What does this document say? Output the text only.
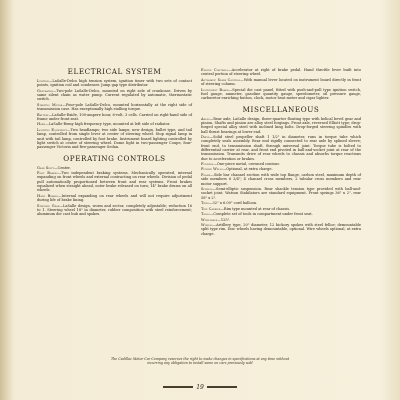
ELECTRICAL SYSTEM
Ignition—LaSalle-Delco high tension system, ignition timer with two sets of contact points, ignition coil and condenser. Jump gap type distributor.
Generator—Two-pole LaSalle-Delco, mounted on right side of crankcase. Driven by same silent chain as water pump. Current regulated by automatic, thermostatic switch.
Starting Motor—Four-pole LaSalle-Delco, mounted horizontally at the right side of transmission case. Has exceptionally high stalling torque.
Battery—LaSalle-Exide, 100-ampere hour, 6-volt, 3 cells. Carried on right-hand side of frame under front seat.
Horn—LaSalle-Remy high frequency type, mounted at left side of radiator.
Lighting Equipment—Two headlamps; two side lamps; new design, bullet type, and tail lamp, controlled from single lever at center of steering wheel. Stop signal lamp in unit with tail lamp, controlled by foot brake. Instrument board lighting controlled by light switch at center of steering wheel. Dome light in two-passenger Coupe, four-passenger Victoria and five-passenger Sedan.
OPERATING CONTROLS
Gear Shift—Center.
Foot Brakes—Two independent braking systems. Mechanically operated, internal expanding on front wheels and external contracting on rear wheels. Division of pedal pull automatically proportioned between front and rear systems. Front brakes equalized when straight ahead, outer brake released on turn; 14" brake drums on all wheels.
Hand Brakes—Internal expanding on rear wheels and will not require adjustment during life of brake lining.
Steering Gear—LaSalle design, worm and sector, completely adjustable; reduction 16 to 1. Steering wheel 18" in diameter, rubber composition with steel reinforcement; aluminum die cast hub and spokes.
Engine Controls—Accelerator at right of brake pedal. Hand throttle lever built into central portion of steering wheel.
Automatic Spark Control—With manual lever located on instrument board directly in front of steering column.
Instrument Board—Special die cast panel, fitted with push-and-pull type ignition switch, fuel gauge, ammeter, gasoline quantity gauge, speedometer, oil pressure gauge, carburetor enriching button, clock, motor heat meter and cigar lighter.
MISCELLANEOUS
Axles—Rear axle, LaSalle design, three-quarter floating type with helical bevel gear and pinion. Shafts and pinion are alloy steel forgings. Front axle, reversed Elliott type; drop-forged special alloy steel with inclined king bolts. Drop-forged steering spindles with ball thrust bearings at lower end.
Drive—Solid steel propeller shaft 1 1/2" in diameter, runs in torque tube which completely seals assembly. Rear end rigidly connected to rear axle by splined sleeve; front end, to transmission shaft, through universal joint. Torque tube is bolted to differential carrier at rear, and front end pivoted in ball-and-socket joint at rear of the transmission. Transmits drive of rear wheels to chassis and absorbs torque reactions due to acceleration or brakes.
Fenders—One-piece metal, crowned contour.
Fender Wells—Optional, at extra charge.
Frame—Side bar channel section with wide top flange, carbon steel, maximum depth of side members 6 3/4"; 4 channel cross members, 2 tubular cross members and rear motor support.
Springs—Semi-elliptic suspension. Rear shackle tension type provided with ball-and-socket joint. Watson Stabilators are standard equipment. Front springs 36" x 2", rear 58" x 2".
Tires—32" x 6.00" cord balloon.
Tire Carrier—Rim type mounted at rear of chassis.
Tools—Complete set of tools in compartment under front seat.
Wheelbase—125".
Wheels—Artillery type, 20" diameter, 12 hickory spokes with steel felloe; demountable split type rim. Disc wheels having demountable, optional. Wire wheels optional, at extra charge.
The Cadillac Motor Car Company reserves the right to make changes in specifications at any time without incurring any obligation to install same on cars previously sold
19
